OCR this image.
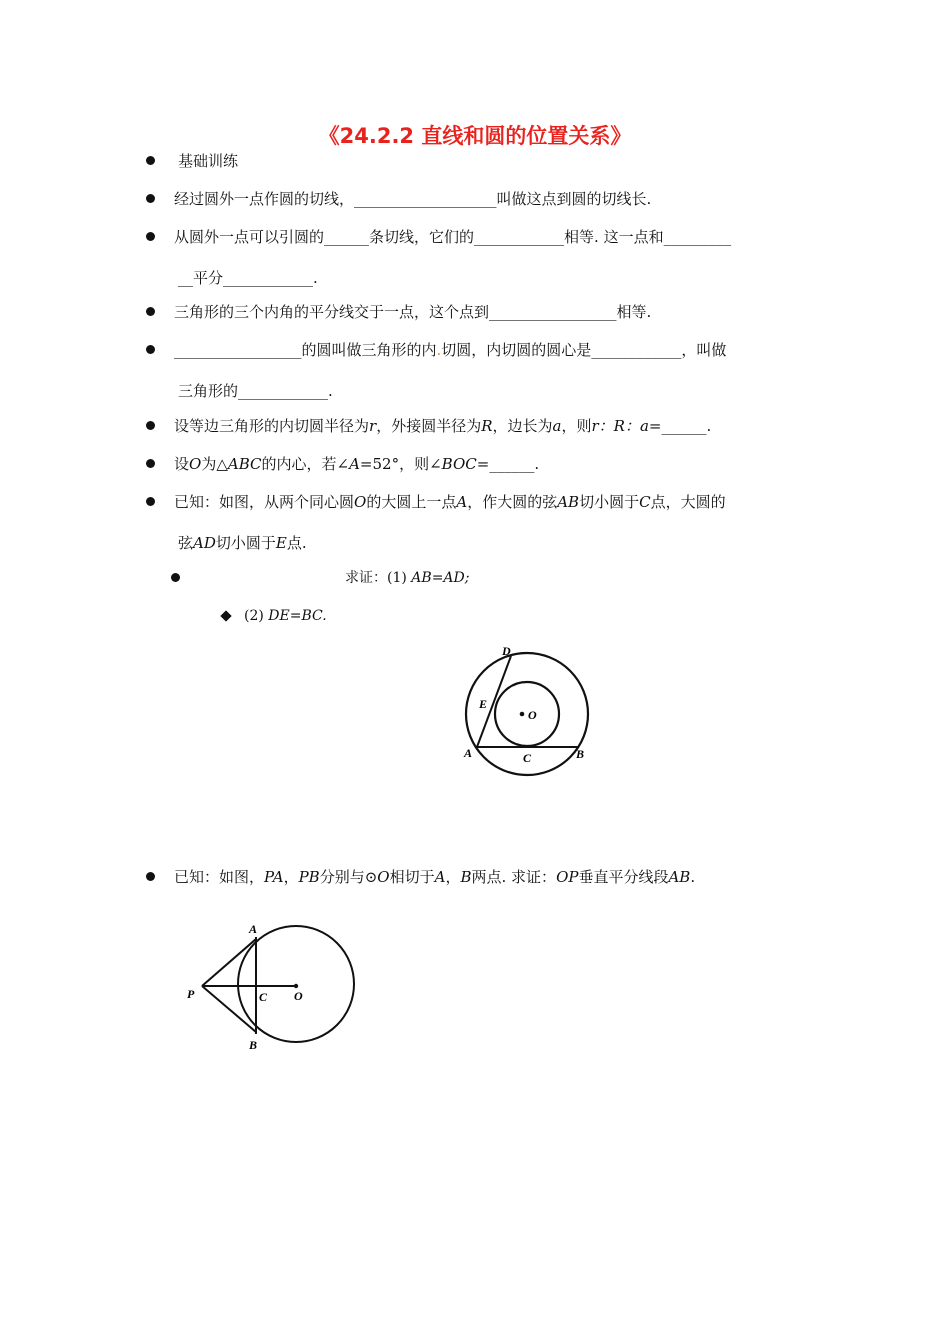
《24.2.2 直线和圆的位置关系》
基础训练
经过圆外一点作圆的切线，___________________叫做这点到圆的切线长.
从圆外一点可以引圆的______条切线，它们的____________相等. 这一点和_________
__平分____________.
三角形的三个内角的平分线交于一点，这个点到_________________相等.
_________________的圆叫做三角形的内.切圆，内切圆的圆心是____________，叫做
三角形的____________.
设等边三角形的内切圆半径为r，外接圆半径为R，边长为a，则r：R：a=______.
设O为△ABC的内心，若∠A=52°，则∠BOC=______.
已知：如图，从两个同心圆O的大圆上一点A，作大圆的弦AB切小圆于C点，大圆的
弦AD切小圆于E点.
求证：(1) AB=AD;
(2) DE=BC.
D
E
O
A	C	B
已知：如图，PA，PB分别与⊙O相切于A，B两点. 求证：OP垂直平分线段AB.
A
P	C O
B
